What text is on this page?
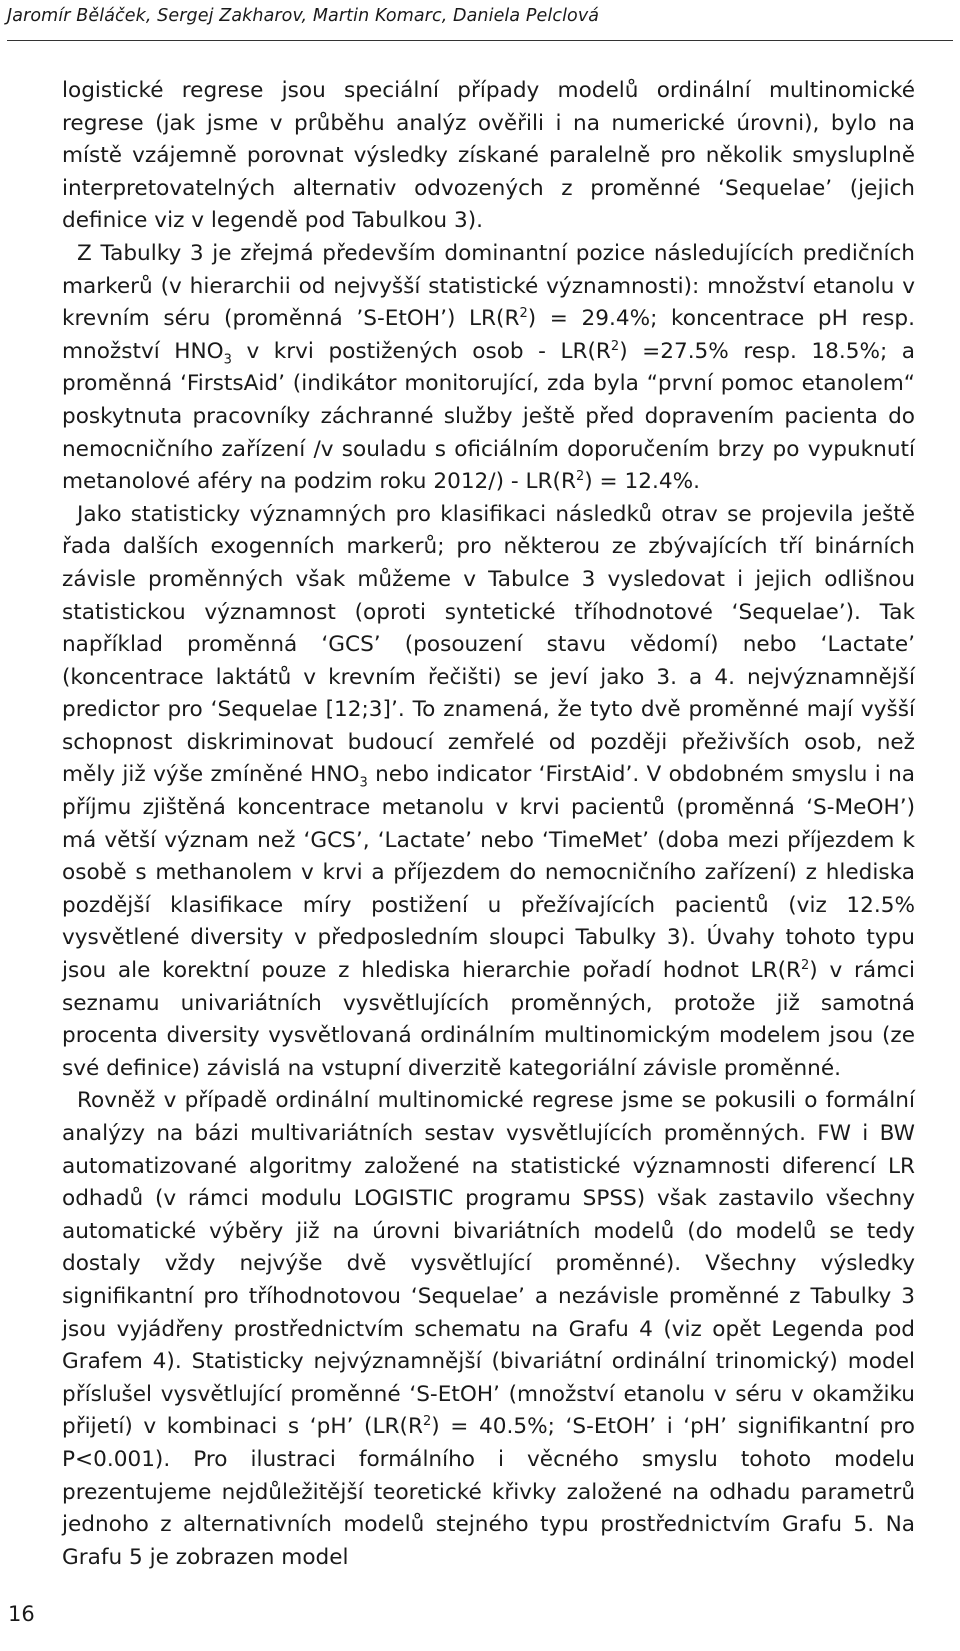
Jaromír Běláček, Sergej Zakharov, Martin Komarc, Daniela Pelclová

logistické regrese jsou speciální případy modelů ordinální multinomické regrese (jak jsme v průběhu analýz ověřili i na numerické úrovni), bylo na místě vzájemně porovnat výsledky získané paralelně pro několik smysluplně interpretovatelných alternativ odvozených z proměnné ‘Sequelae’ (jejich definice viz v legendě pod Tabulkou 3).

Z Tabulky 3 je zřejmá především dominantní pozice následujících predičních markerů (v hierarchii od nejvyšší statistické významnosti): množství etanolu v krevním séru (proměnná ’S-EtOH’) $LR(R^2) = 29.4\%$; koncentrace pH resp. množství $HNO_3$ v krvi postižených osob - $LR(R^2) =27.5\%$ resp. 18.5%; a proměnná ‘FirstsAid’ (indikátor monitorující, zda byla “první pomoc etanolem“ poskytnuta pracovníky záchranné služby ještě před dopravením pacienta do nemocničního zařízení /v souladu s oficiálním doporučením brzy po vypuknutí metanolové aféry na podzim roku $2012/) - LR(R^2) = 12.4\%$.

Jako statisticky významných pro klasifikaci následků otrav se projevila ještě řada dalších exogenních markerů; pro některou ze zbývajících tří binárních závisle proměnných však můžeme v Tabulce 3 vysledovat i jejich odlišnou statistickou významnost (oproti syntetické tříhodnotové ‘Sequelae’). Tak například proměnná ‘GCS’ (posouzení stavu vědomí) nebo ‘Lactate’ (koncentrace laktátů v krevním řečišti) se jeví jako 3. a 4. nejvýznamnější predictor pro ‘Sequelae [12;3]’. To znamená, že tyto dvě proměnné mají vyšší schopnost diskriminovat budoucí zemřelé od později přeživších osob, než měly již výše zmíněné $HNO_3$ nebo indicator ‘FirstAid’. V obdobném smyslu i na příjmu zjištěná koncentrace metanolu v krvi pacientů (proměnná ‘S-MeOH’) má větší význam než ‘GCS’, ‘Lactate’ nebo ‘TimeMet’ (doba mezi příjezdem k osobě s methanolem v krvi a příjezdem do nemocničního zařízení) z hlediska pozdější klasifikace míry postižení u přežívajících pacientů (viz 12.5% vysvětlené diversity v předposledním sloupci Tabulky 3). Úvahy tohoto typu jsou ale korektní pouze z hlediska hierarchie pořadí hodnot $LR(R^2)$ v rámci seznamu univariátních vysvětlujících proměnných, protože již samotná procenta diversity vysvětlovaná ordinálním multinomickým modelem jsou (ze své definice) závislá na vstupní diverzitě kategoriální závisle proměnné.

Rovněž v případě ordinální multinomické regrese jsme se pokusili o formální analýzy na bázi multivariátních sestav vysvětlujících proměnných. FW i BW automatizované algoritmy založené na statistické významnosti diferencí LR odhadů (v rámci modulu LOGISTIC programu SPSS) však zastavilo všechny automatické výběry již na úrovni bivariátních modelů (do modelů se tedy dostaly vždy nejvýše dvě vysvětlující proměnné). Všechny výsledky signifikantní pro tříhodnotovou ‘Sequelae’ a nezávisle proměnné z Tabulky 3 jsou vyjádřeny prostřednictvím schematu na Grafu 4 (viz opět Legenda pod Grafem 4). Statisticky nejvýznamnější (bivariátní ordinální trinomický) model příslušel vysvětlující proměnné ‘S-EtOH’ (množství etanolu v séru v okamžiku přijetí) v kombinaci s ‘pH’ ($LR(R^2) = 40.5\%$; ‘S-EtOH’ i ‘pH’ signifikantní pro P<0.001). Pro ilustraci formálního i věcného smyslu tohoto modelu prezentujeme nejdůležitější teoretické křivky založené na odhadu parametrů jednoho z alternativních modelů stejného typu prostřednictvím Grafu 5. Na Grafu 5 je zobrazen model

16
